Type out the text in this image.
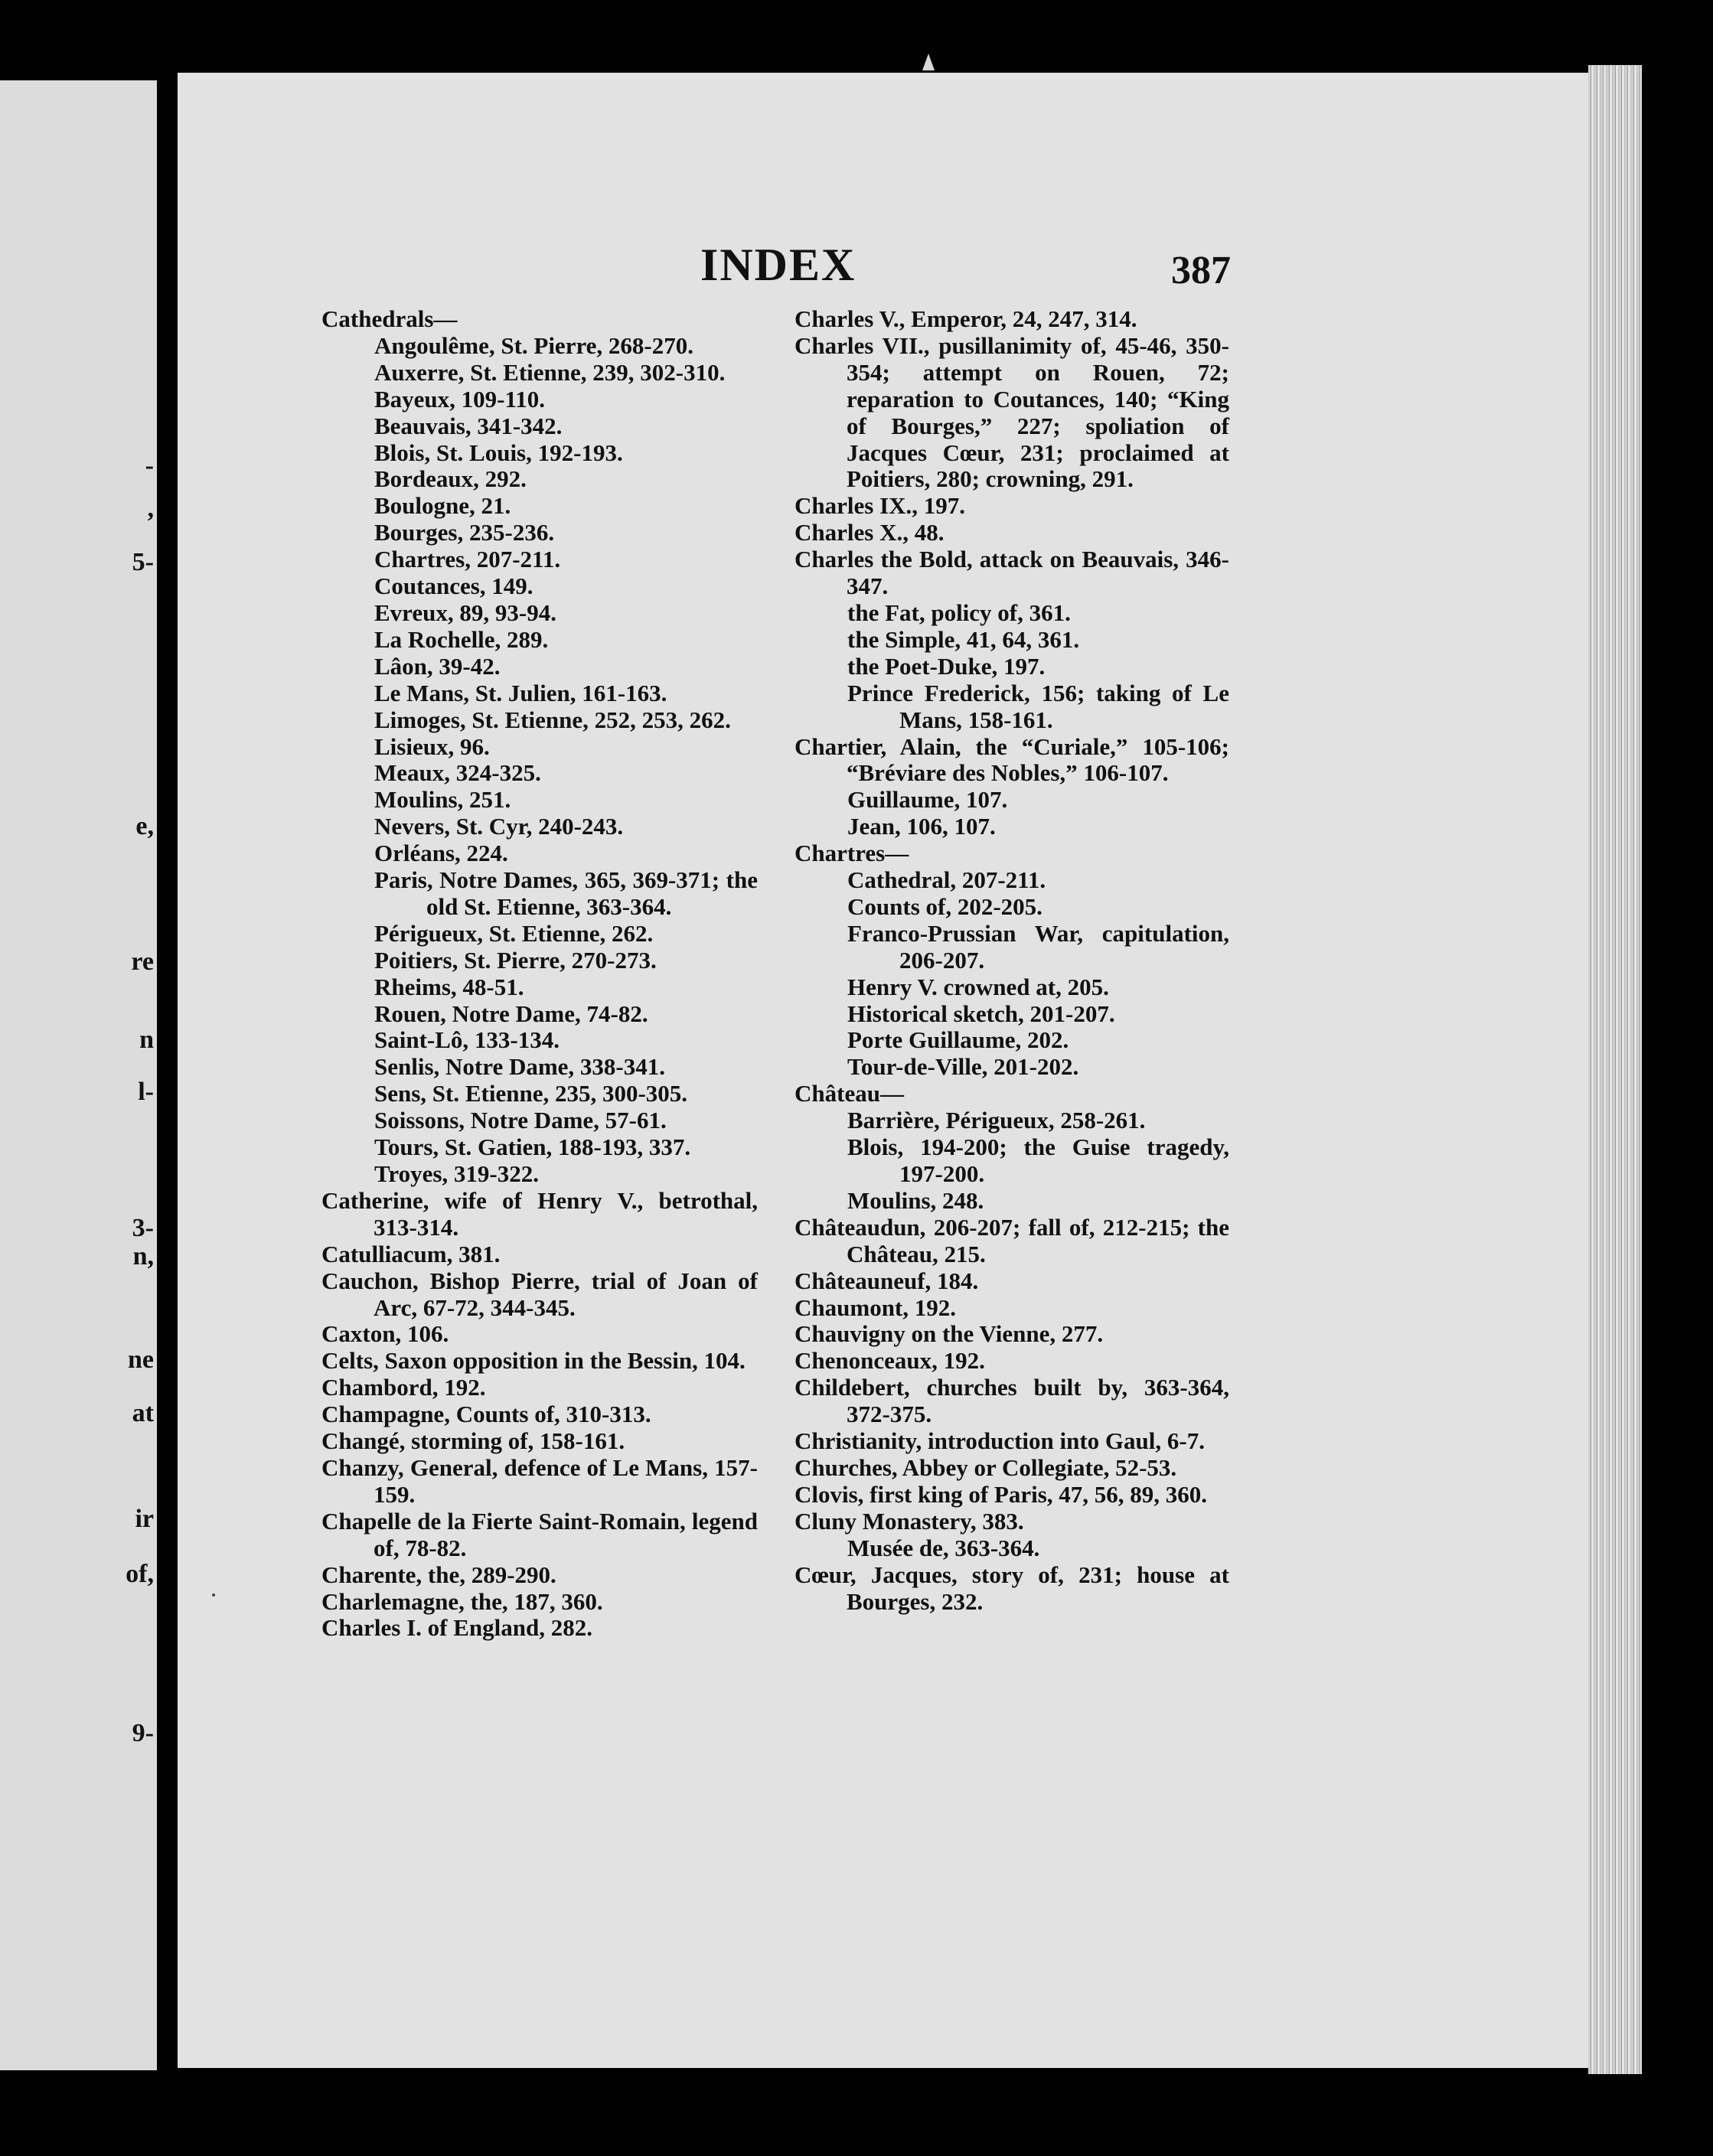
-
,
5-
e,
re
n
l-
3-
n,
ne
at
ir
of,
9-
INDEX	387
Cathedrals—
Angoulême, St. Pierre, 268-270.
Auxerre, St. Etienne, 239, 302-310.
Bayeux, 109-110.
Beauvais, 341-342.
Blois, St. Louis, 192-193.
Bordeaux, 292.
Boulogne, 21.
Bourges, 235-236.
Chartres, 207-211.
Coutances, 149.
Evreux, 89, 93-94.
La Rochelle, 289.
Lâon, 39-42.
Le Mans, St. Julien, 161-163.
Limoges, St. Etienne, 252, 253, 262.
Lisieux, 96.
Meaux, 324-325.
Moulins, 251.
Nevers, St. Cyr, 240-243.
Orléans, 224.
Paris, Notre Dames, 365, 369-371; the old St. Etienne, 363-364.
Périgueux, St. Etienne, 262.
Poitiers, St. Pierre, 270-273.
Rheims, 48-51.
Rouen, Notre Dame, 74-82.
Saint-Lô, 133-134.
Senlis, Notre Dame, 338-341.
Sens, St. Etienne, 235, 300-305.
Soissons, Notre Dame, 57-61.
Tours, St. Gatien, 188-193, 337.
Troyes, 319-322.
Catherine, wife of Henry V., betrothal, 313-314.
Catulliacum, 381.
Cauchon, Bishop Pierre, trial of Joan of Arc, 67-72, 344-345.
Caxton, 106.
Celts, Saxon opposition in the Bessin, 104.
Chambord, 192.
Champagne, Counts of, 310-313.
Changé, storming of, 158-161.
Chanzy, General, defence of Le Mans, 157-159.
Chapelle de la Fierte Saint-Romain, legend of, 78-82.
Charente, the, 289-290.
Charlemagne, the, 187, 360.
Charles I. of England, 282.
Charles V., Emperor, 24, 247, 314.
Charles VII., pusillanimity of, 45-46, 350-354; attempt on Rouen, 72; reparation to Coutances, 140; “King of Bourges,” 227; spoliation of Jacques Cœur, 231; proclaimed at Poitiers, 280; crowning, 291.
Charles IX., 197.
Charles X., 48.
Charles the Bold, attack on Beauvais, 346-347.
the Fat, policy of, 361.
the Simple, 41, 64, 361.
the Poet-Duke, 197.
Prince Frederick, 156; taking of Le Mans, 158-161.
Chartier, Alain, the “Curiale,” 105-106; “Bréviare des Nobles,” 106-107.
Guillaume, 107.
Jean, 106, 107.
Chartres—
Cathedral, 207-211.
Counts of, 202-205.
Franco-Prussian War, capitulation, 206-207.
Henry V. crowned at, 205.
Historical sketch, 201-207.
Porte Guillaume, 202.
Tour-de-Ville, 201-202.
Château—
Barrière, Périgueux, 258-261.
Blois, 194-200; the Guise tragedy, 197-200.
Moulins, 248.
Châteaudun, 206-207; fall of, 212-215; the Château, 215.
Châteauneuf, 184.
Chaumont, 192.
Chauvigny on the Vienne, 277.
Chenonceaux, 192.
Childebert, churches built by, 363-364, 372-375.
Christianity, introduction into Gaul, 6-7.
Churches, Abbey or Collegiate, 52-53.
Clovis, first king of Paris, 47, 56, 89, 360.
Cluny Monastery, 383.
Musée de, 363-364.
Cœur, Jacques, story of, 231; house at Bourges, 232.
